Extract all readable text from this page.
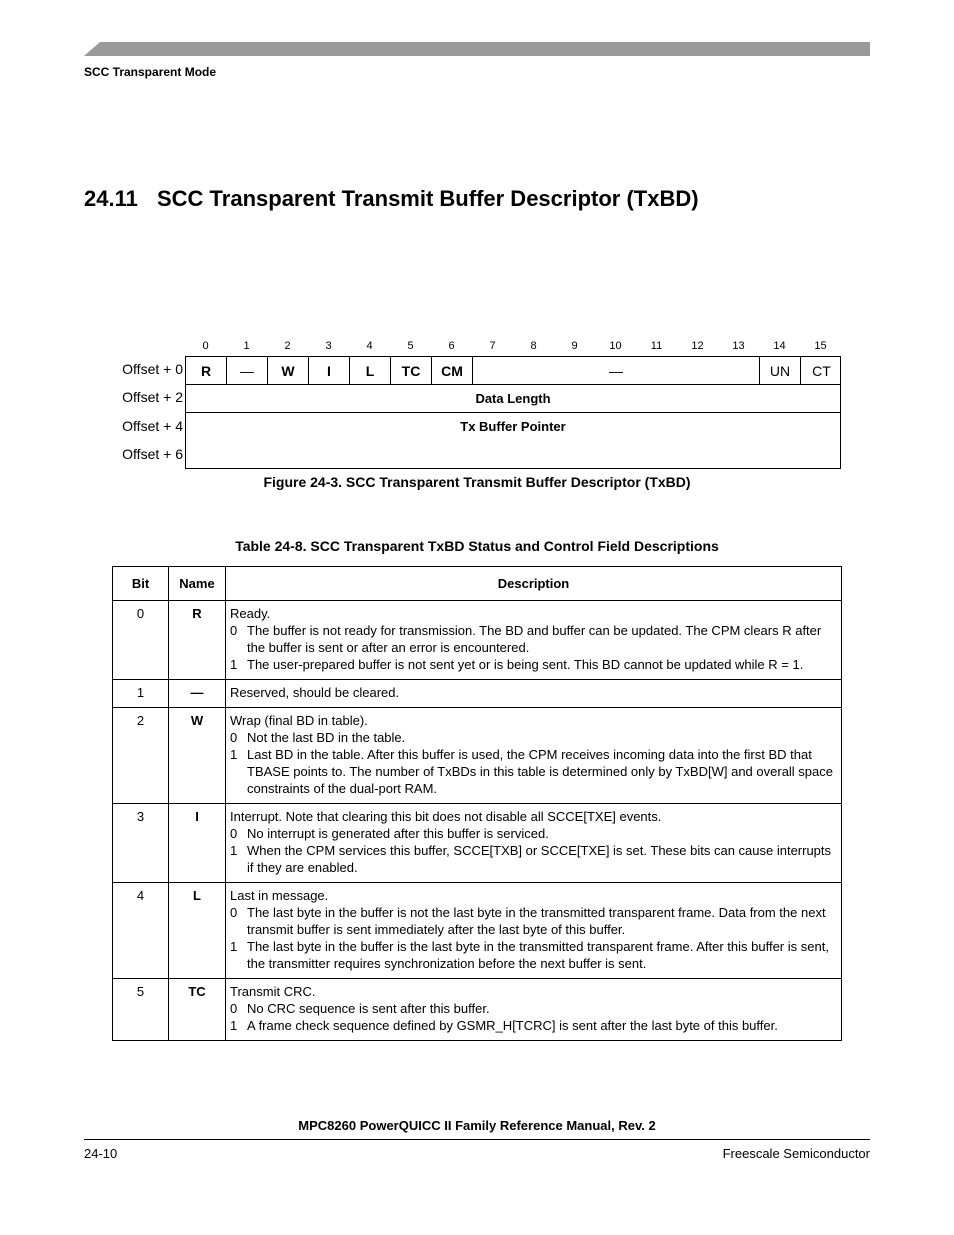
SCC Transparent Mode
24.11 SCC Transparent Transmit Buffer Descriptor (TxBD)
0	1	2	3	4	5	6	7	8	9	10	11	12	13	14	15
Offset + 0
Offset + 2
Offset + 4
Offset + 6
R	—	W	I	L	TC	CM	—	UN	CT
Data Length
Tx Buffer Pointer
Figure 24-3. SCC Transparent Transmit Buffer Descriptor (TxBD)
Table 24-8. SCC Transparent TxBD Status and Control Field Descriptions
Bit	Name	Description
0	R	Ready.
0 The buffer is not ready for transmission. The BD and buffer can be updated. The CPM clears R after the buffer is sent or after an error is encountered.
1 The user-prepared buffer is not sent yet or is being sent. This BD cannot be updated while R = 1.

1	—	Reserved, should be cleared.

2	W	Wrap (final BD in table).
0 Not the last BD in the table.
1 Last BD in the table. After this buffer is used, the CPM receives incoming data into the first BD that TBASE points to. The number of TxBDs in this table is determined only by TxBD[W] and overall space constraints of the dual-port RAM.

3	I	Interrupt. Note that clearing this bit does not disable all SCCE[TXE] events.
0 No interrupt is generated after this buffer is serviced.
1 When the CPM services this buffer, SCCE[TXB] or SCCE[TXE] is set. These bits can cause interrupts if they are enabled.

4	L	Last in message.
0 The last byte in the buffer is not the last byte in the transmitted transparent frame. Data from the next transmit buffer is sent immediately after the last byte of this buffer.
1 The last byte in the buffer is the last byte in the transmitted transparent frame. After this buffer is sent, the transmitter requires synchronization before the next buffer is sent.

5	TC	Transmit CRC.
0 No CRC sequence is sent after this buffer.
1 A frame check sequence defined by GSMR_H[TCRC] is sent after the last byte of this buffer.
MPC8260 PowerQUICC II Family Reference Manual, Rev. 2
24-10	Freescale Semiconductor
